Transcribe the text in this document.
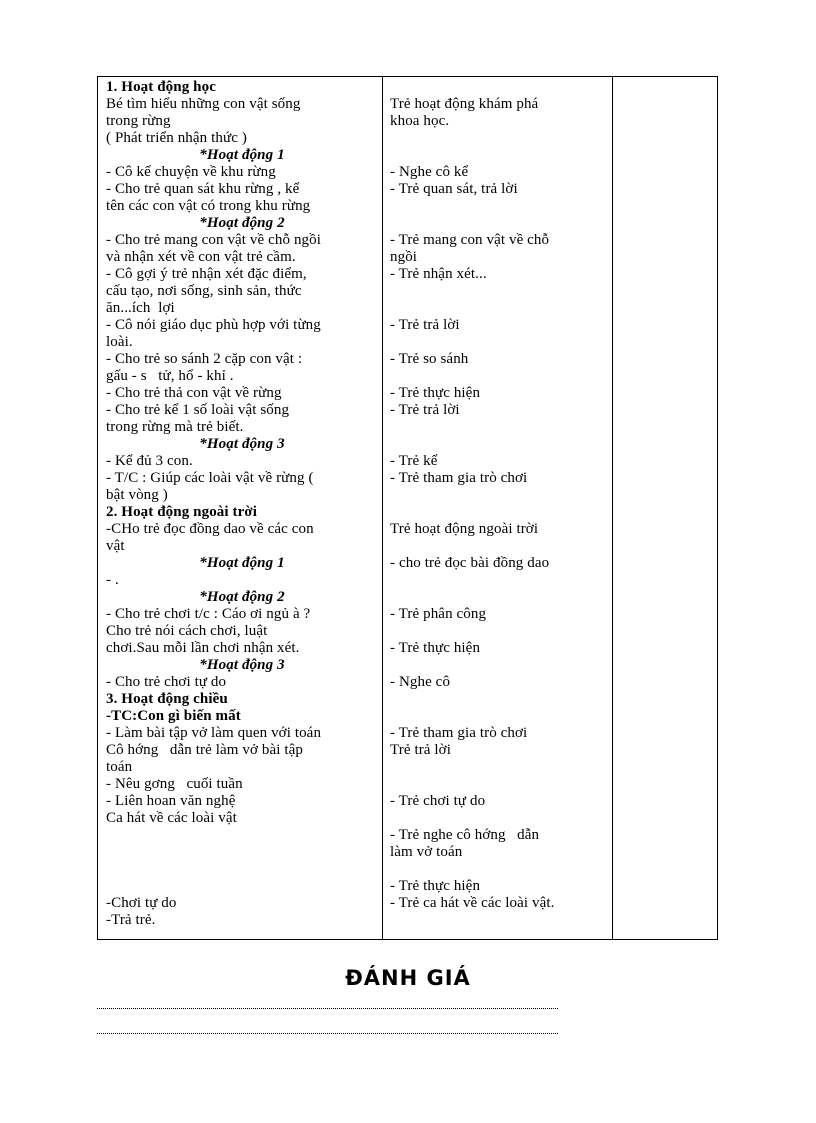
1. Hoạt động học
Bé tìm hiểu những con vật sống
trong rừng
( Phát triển nhận thức )
*Hoạt động 1
- Cô kể chuyện về khu rừng
- Cho trẻ quan sát khu rừng , kể
tên các con vật có trong khu rừng
*Hoạt động 2
- Cho trẻ mang con vật về chỗ ngồi
và nhận xét về con vật trẻ cầm.
- Cô gợi ý trẻ nhận xét đặc điểm,
cấu tạo, nơi sống, sinh sản, thức
ăn...ích  lợi
- Cô nói giáo dục phù hợp với từng
loài.
- Cho trẻ so sánh 2 cặp con vật :
gấu - s   tử, hổ - khỉ .
- Cho trẻ thả con vật về rừng
- Cho trẻ kể 1 số loài vật sống
trong rừng mà trẻ biết.
*Hoạt động 3
- Kể đủ 3 con.
- T/C : Giúp các loài vật về rừng (
bật vòng )
2. Hoạt động ngoài trời
-CHo trẻ đọc đồng dao về các con
vật
*Hoạt động 1
- .
*Hoạt động 2
- Cho trẻ chơi t/c : Cáo ơi ngủ à ?
Cho trẻ nói cách chơi, luật
chơi.Sau mỗi lần chơi nhận xét.
*Hoạt động 3
- Cho trẻ chơi tự do
3. Hoạt động chiều
-TC:Con gì biến mất
- Làm bài tập vở làm quen với toán
Cô hớng   dẫn trẻ làm vở bài tập
toán
- Nêu gơng   cuối tuần
- Liên hoan văn nghệ
Ca hát về các loài vật
-Chơi tự do
-Trả trẻ.
Trẻ hoạt động khám phá
khoa học.
- Nghe cô kể
- Trẻ quan sát, trả lời
- Trẻ mang con vật về chỗ
ngồi
- Trẻ nhận xét...
- Trẻ trả lời
- Trẻ so sánh
- Trẻ thực hiện
- Trẻ trả lời
- Trẻ kể
- Trẻ tham gia trò chơi
Trẻ hoạt động ngoài trời
- cho trẻ đọc bài đồng dao
- Trẻ phân công
- Trẻ thực hiện
- Nghe cô
- Trẻ tham gia trò chơi
Trẻ trả lời
- Trẻ chơi tự do
- Trẻ nghe cô hớng   dẫn
làm vở toán
- Trẻ thực hiện
- Trẻ ca hát về các loài vật.
ĐÁNH GIÁ
